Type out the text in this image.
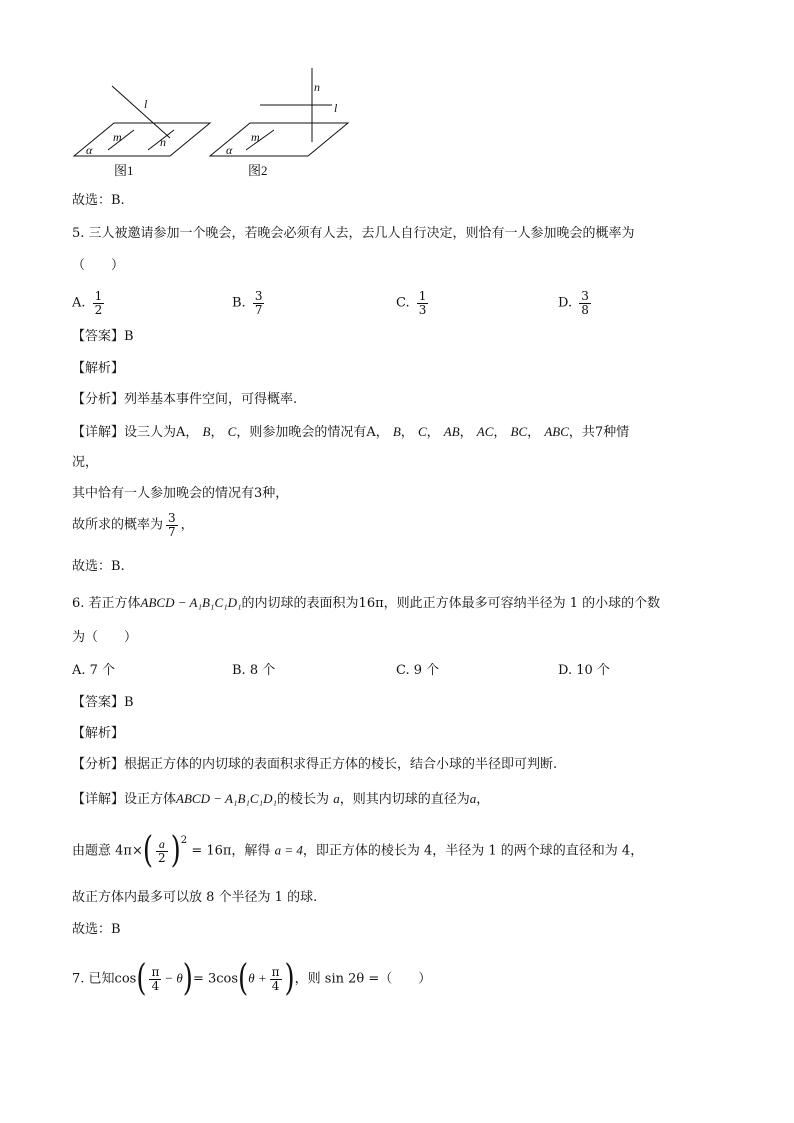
l
m	n
α
图1
n
l
m
α
图2
故选：B.
5. 三人被邀请参加一个晚会，若晚会必须有人去，去几人自行决定，则恰有一人参加晚会的概率为
（　　）
A. $\frac{1}{2}$	B. $\frac{3}{7}$	C. $\frac{1}{3}$	D. $\frac{3}{8}$
【答案】B
【解析】
【分析】列举基本事件空间，可得概率.
【详解】设三人为A， B， C，则参加晚会的情况有A， B， C， AB， AC， BC， ABC，共7种情
况，
其中恰有一人参加晚会的情况有3种，
故所求的概率为 $\frac{3}{7}$ ，
故选：B.
6. 若正方体ABCD − A₁B₁C₁D₁的内切球的表面积为16π，则此正方体最多可容纳半径为 1 的小球的个数
为（　　）
A. 7 个	B. 8 个	C. 9 个	D. 10 个
【答案】B
【解析】
【分析】根据正方体的内切球的表面积求得正方体的棱长，结合小球的半径即可判断.
【详解】设正方体ABCD − A₁B₁C₁D₁的棱长为 a，则其内切球的直径为a，
由题意 $4\pi\times( \frac{a}{2} )^2 = 16\pi$，解得 a = 4，即正方体的棱长为 4，半径为 1 的两个球的直径和为 4，
故正方体内最多可以放 8 个半径为 1 的球.
故选：B
7. 已知$\cos( \frac{\pi}{4} - \theta)= 3\cos(\theta + \frac{\pi}{4}$ )，则 sin 2θ =（　　）
